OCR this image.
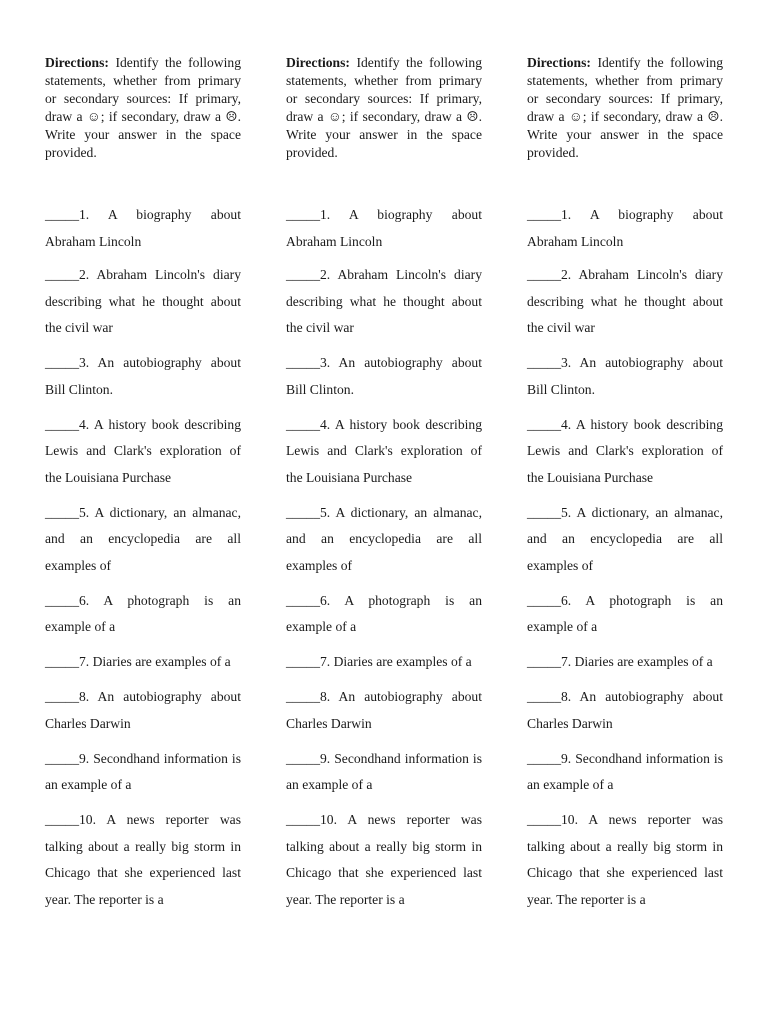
Directions: Identify the following statements, whether from primary or secondary sources: If primary, draw a ☺; if secondary, draw a ☹. Write your answer in the space provided.

_____1. A biography about Abraham Lincoln
_____2. Abraham Lincoln's diary describing what he thought about the civil war
_____3. An autobiography about Bill Clinton.
_____4. A history book describing Lewis and Clark's exploration of the Louisiana Purchase
_____5. A dictionary, an almanac, and an encyclopedia are all examples of
_____6. A photograph is an example of a
_____7. Diaries are examples of a
_____8. An autobiography about Charles Darwin
_____9. Secondhand information is an example of a
_____10. A news reporter was talking about a really big storm in Chicago that she experienced last year. The reporter is a

Directions: Identify the following statements, whether from primary or secondary sources: If primary, draw a ☺; if secondary, draw a ☹. Write your answer in the space provided.

_____1. A biography about Abraham Lincoln
_____2. Abraham Lincoln's diary describing what he thought about the civil war
_____3. An autobiography about Bill Clinton.
_____4. A history book describing Lewis and Clark's exploration of the Louisiana Purchase
_____5. A dictionary, an almanac, and an encyclopedia are all examples of
_____6. A photograph is an example of a
_____7. Diaries are examples of a
_____8. An autobiography about Charles Darwin
_____9. Secondhand information is an example of a
_____10. A news reporter was talking about a really big storm in Chicago that she experienced last year. The reporter is a

Directions: Identify the following statements, whether from primary or secondary sources: If primary, draw a ☺; if secondary, draw a ☹. Write your answer in the space provided.

_____1. A biography about Abraham Lincoln
_____2. Abraham Lincoln's diary describing what he thought about the civil war
_____3. An autobiography about Bill Clinton.
_____4. A history book describing Lewis and Clark's exploration of the Louisiana Purchase
_____5. A dictionary, an almanac, and an encyclopedia are all examples of
_____6. A photograph is an example of a
_____7. Diaries are examples of a
_____8. An autobiography about Charles Darwin
_____9. Secondhand information is an example of a
_____10. A news reporter was talking about a really big storm in Chicago that she experienced last year. The reporter is a
